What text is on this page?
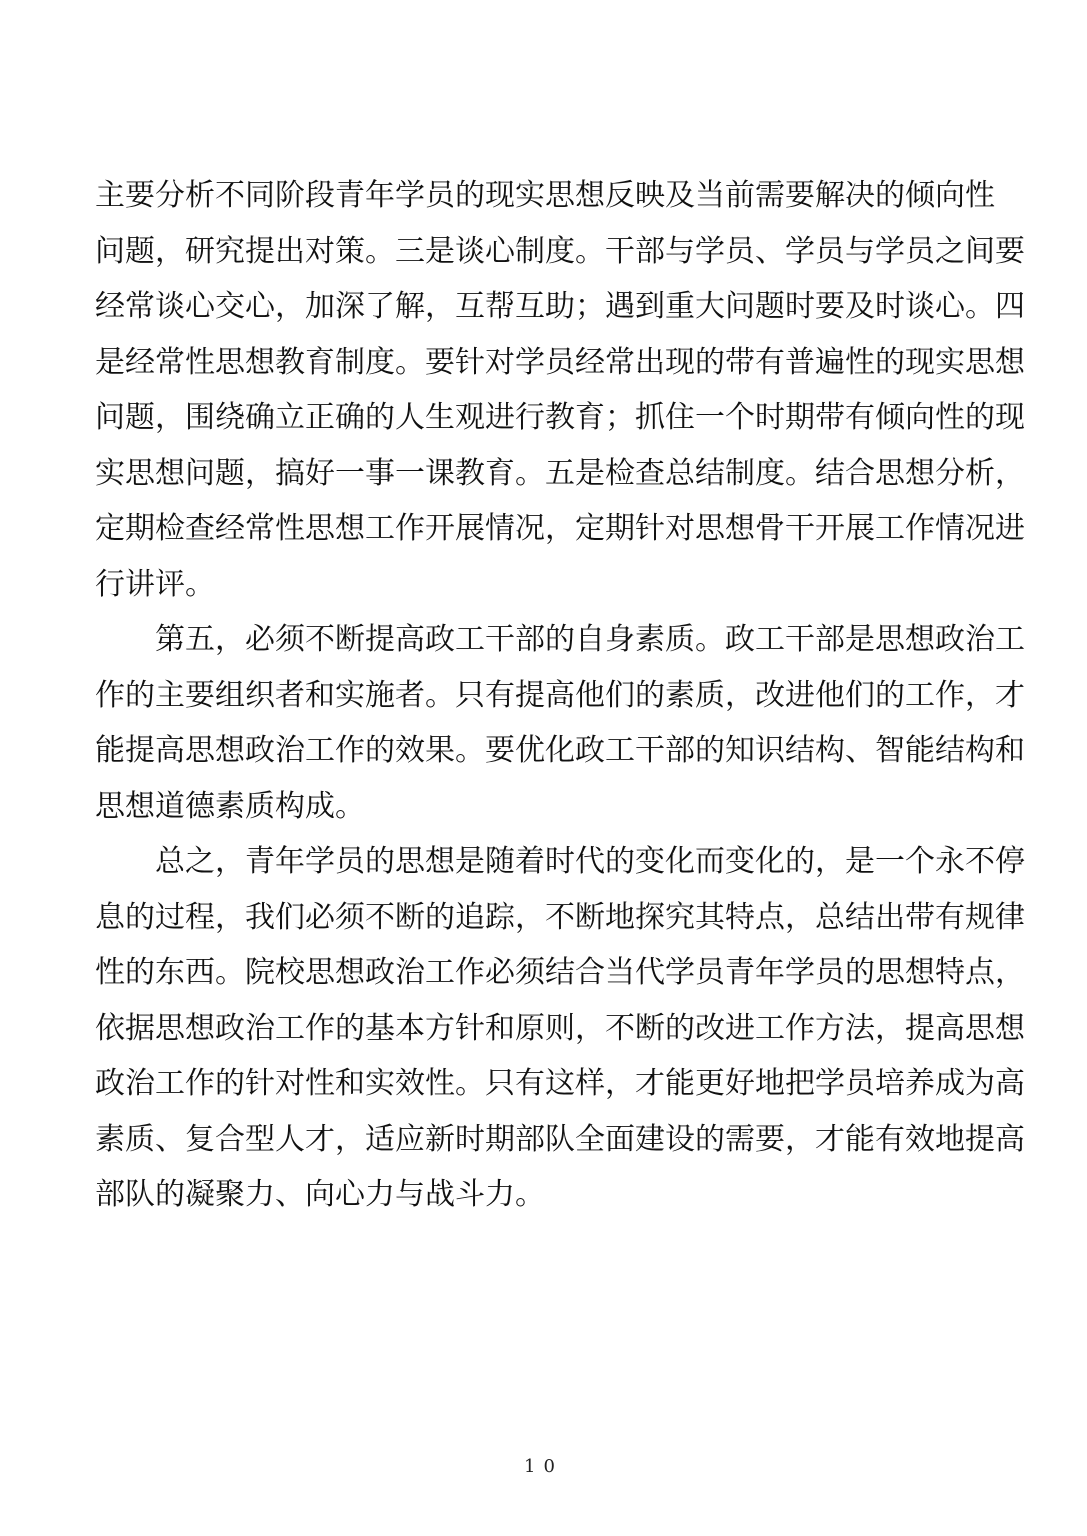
主要分析不同阶段青年学员的现实思想反映及当前需要解决的倾向性
问题，研究提出对策。三是谈心制度。干部与学员、学员与学员之间要
经常谈心交心，加深了解，互帮互助；遇到重大问题时要及时谈心。四
是经常性思想教育制度。要针对学员经常出现的带有普遍性的现实思想
问题，围绕确立正确的人生观进行教育；抓住一个时期带有倾向性的现
实思想问题，搞好一事一课教育。五是检查总结制度。结合思想分析，
定期检查经常性思想工作开展情况，定期针对思想骨干开展工作情况进
行讲评。
　　第五，必须不断提高政工干部的自身素质。政工干部是思想政治工
作的主要组织者和实施者。只有提高他们的素质，改进他们的工作，才
能提高思想政治工作的效果。要优化政工干部的知识结构、智能结构和
思想道德素质构成。
　　总之，青年学员的思想是随着时代的变化而变化的，是一个永不停
息的过程，我们必须不断的追踪，不断地探究其特点，总结出带有规律
性的东西。院校思想政治工作必须结合当代学员青年学员的思想特点，
依据思想政治工作的基本方针和原则，不断的改进工作方法，提高思想
政治工作的针对性和实效性。只有这样，才能更好地把学员培养成为高
素质、复合型人才，适应新时期部队全面建设的需要，才能有效地提高
部队的凝聚力、向心力与战斗力。
10
